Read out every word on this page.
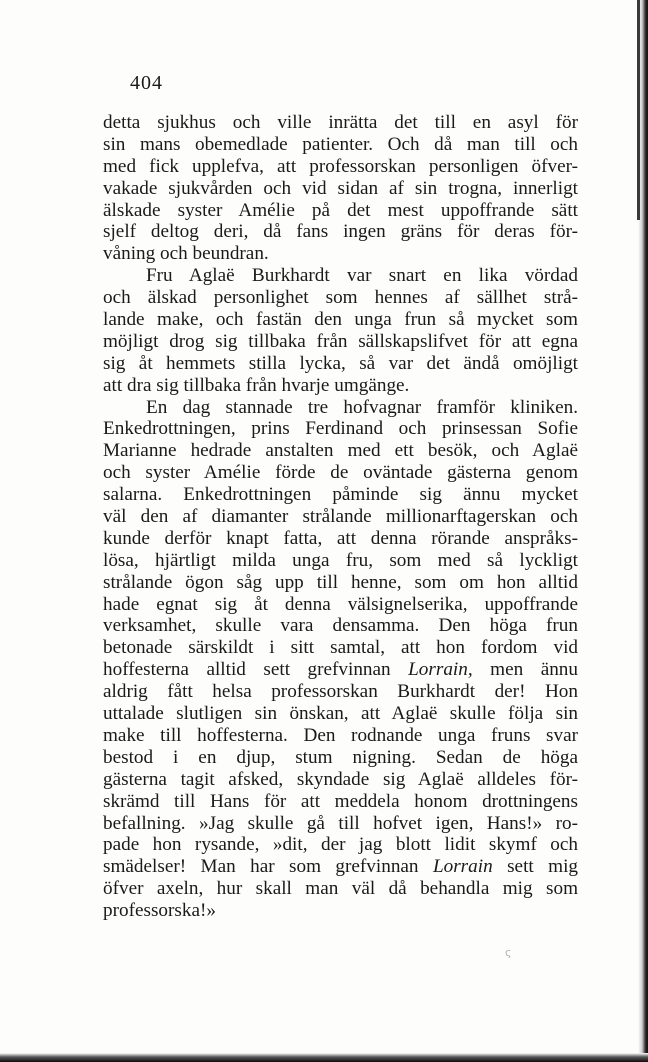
404
detta sjukhus och ville inrätta det till en asyl för
sin mans obemedlade patienter. Och då man till och
med fick upplefva, att professorskan personligen öfver-
vakade sjukvården och vid sidan af sin trogna, innerligt
älskade syster Amélie på det mest uppoffrande sätt
sjelf deltog deri, då fans ingen gräns för deras för-
våning och beundran.
Fru Aglaë Burkhardt var snart en lika vördad
och älskad personlighet som hennes af sällhet strå-
lande make, och fastän den unga frun så mycket som
möjligt drog sig tillbaka från sällskapslifvet för att egna
sig åt hemmets stilla lycka, så var det ändå omöjligt
att dra sig tillbaka från hvarje umgänge.
En dag stannade tre hofvagnar framför kliniken.
Enkedrottningen, prins Ferdinand och prinsessan Sofie
Marianne hedrade anstalten med ett besök, och Aglaë
och syster Amélie förde de oväntade gästerna genom
salarna. Enkedrottningen påminde sig ännu mycket
väl den af diamanter strålande millionarftagerskan och
kunde derför knapt fatta, att denna rörande anspråks-
lösa, hjärtligt milda unga fru, som med så lyckligt
strålande ögon såg upp till henne, som om hon alltid
hade egnat sig åt denna välsignelserika, uppoffrande
verksamhet, skulle vara densamma. Den höga frun
betonade särskildt i sitt samtal, att hon fordom vid
hoffesterna alltid sett grefvinnan Lorrain, men ännu
aldrig fått helsa professorskan Burkhardt der! Hon
uttalade slutligen sin önskan, att Aglaë skulle följa sin
make till hoffesterna. Den rodnande unga fruns svar
bestod i en djup, stum nigning. Sedan de höga
gästerna tagit afsked, skyndade sig Aglaë alldeles för-
skrämd till Hans för att meddela honom drottningens
befallning. »Jag skulle gå till hofvet igen, Hans!» ro-
pade hon rysande, »dit, der jag blott lidit skymf och
smädelser! Man har som grefvinnan Lorrain sett mig
öfver axeln, hur skall man väl då behandla mig som
professorska!»
ς
